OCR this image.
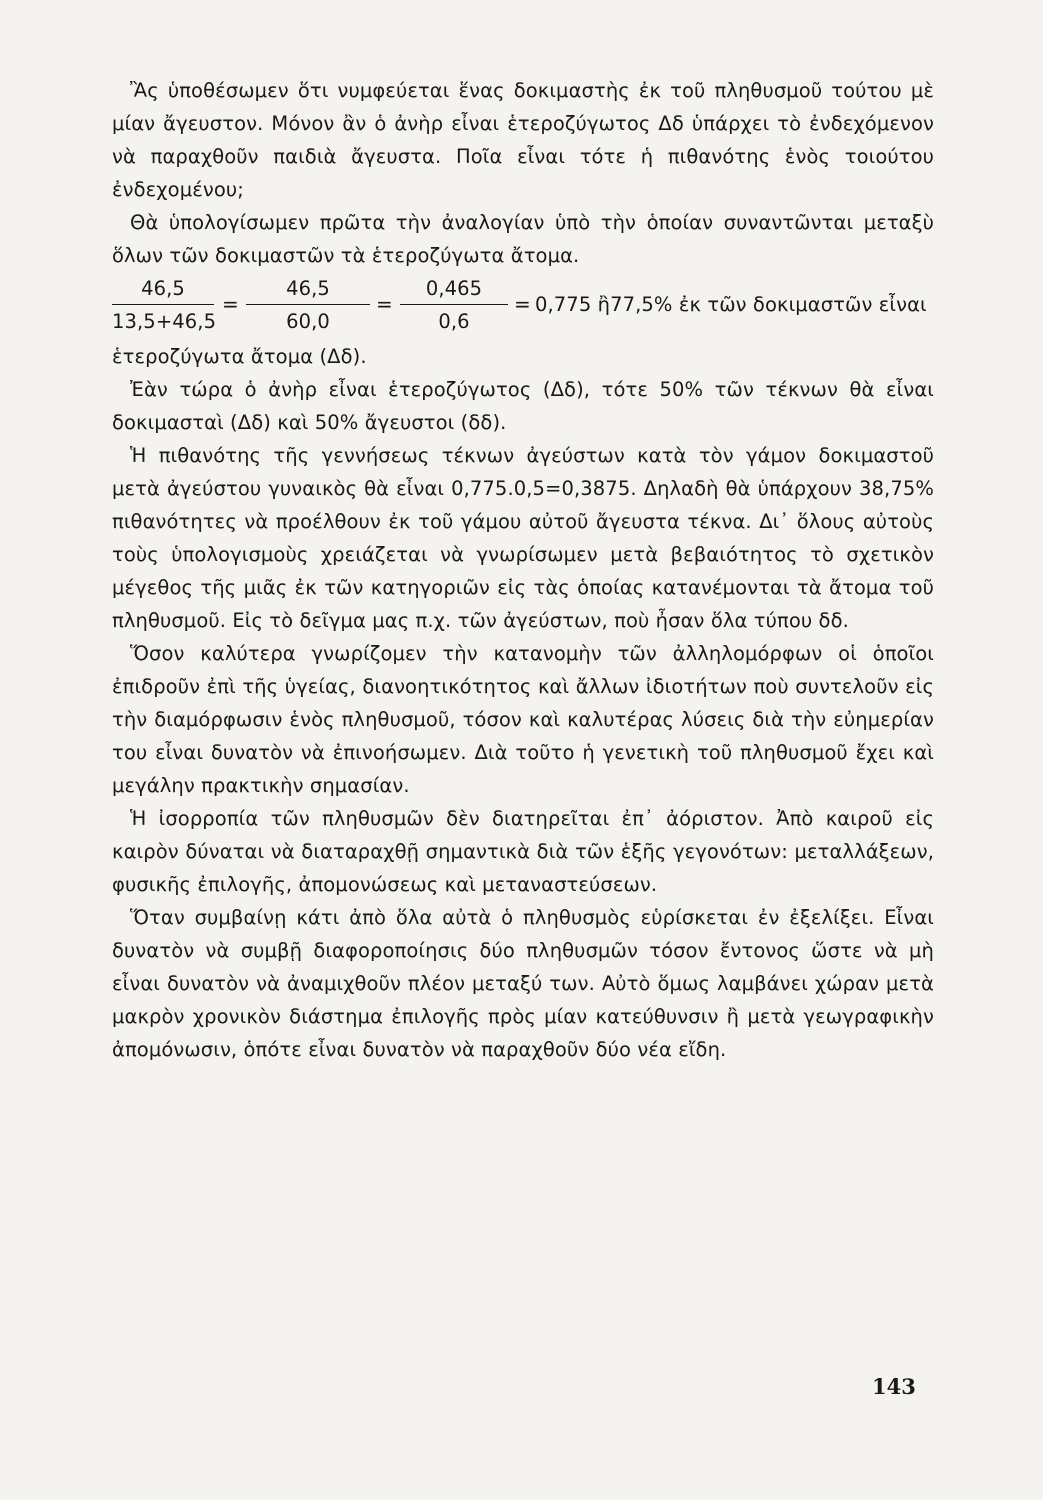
Ἂς ὑποθέσωμεν ὅτι νυμφεύεται ἕνας δοκιμαστὴς ἐκ τοῦ πληθυσμοῦ τούτου μὲ μίαν ἄγευστον. Μόνον ἂν ὁ ἀνὴρ εἶναι ἑτεροζύγωτος Δδ ὑπάρχει τὸ ἐνδεχόμενον νὰ παραχθοῦν παιδιὰ ἄγευστα. Ποῖα εἶναι τότε ἡ πιθανότης ἑνὸς τοιούτου ἐνδεχομένου;

Θὰ ὑπολογίσωμεν πρῶτα τὴν ἀναλογίαν ὑπὸ τὴν ὁποίαν συναντῶνται μεταξὺ ὅλων τῶν δοκιμαστῶν τὰ ἑτεροζύγωτα ἄτομα.

46,5
13,5+46,5
=
46,5
60,0
=
0,465
0,6
= 0,775 ἢ77,5% ἐκ τῶν δοκιμαστῶν εἶναι

ἑτεροζύγωτα ἄτομα (Δδ).

Ἐὰν τώρα ὁ ἀνὴρ εἶναι ἑτεροζύγωτος (Δδ), τότε 50% τῶν τέκνων θὰ εἶναι δοκιμασταὶ (Δδ) καὶ 50% ἄγευστοι (δδ).

Ἡ πιθανότης τῆς γεννήσεως τέκνων ἀγεύστων κατὰ τὸν γάμον δοκιμαστοῦ μετὰ ἀγεύστου γυναικὸς θὰ εἶναι 0,775.0,5=0,3875. Δηλαδὴ θὰ ὑπάρχουν 38,75% πιθανότητες νὰ προέλθουν ἐκ τοῦ γάμου αὐτοῦ ἄγευστα τέκνα. Δι᾽ ὅλους αὐτοὺς τοὺς ὑπολογισμοὺς χρειάζεται νὰ γνωρίσωμεν μετὰ βεβαιότητος τὸ σχετικὸν μέγεθος τῆς μιᾶς ἐκ τῶν κατηγοριῶν εἰς τὰς ὁποίας κατανέμονται τὰ ἄτομα τοῦ πληθυσμοῦ. Εἰς τὸ δεῖγμα μας π.χ. τῶν ἀγεύστων, ποὺ ἦσαν ὅλα τύπου δδ.

Ὅσον καλύτερα γνωρίζομεν τὴν κατανομὴν τῶν ἀλληλομόρφων οἱ ὁποῖοι ἐπιδροῦν ἐπὶ τῆς ὑγείας, διανοητικότητος καὶ ἄλλων ἰδιοτήτων ποὺ συντελοῦν εἰς τὴν διαμόρφωσιν ἑνὸς πληθυσμοῦ, τόσον καὶ καλυτέρας λύσεις διὰ τὴν εὐημερίαν του εἶναι δυνατὸν νὰ ἐπινοήσωμεν. Διὰ τοῦτο ἡ γενετικὴ τοῦ πληθυσμοῦ ἔχει καὶ μεγάλην πρακτικὴν σημασίαν.

Ἡ ἰσορροπία τῶν πληθυσμῶν δὲν διατηρεῖται ἐπ᾽ ἀόριστον. Ἀπὸ καιροῦ εἰς καιρὸν δύναται νὰ διαταραχθῇ σημαντικὰ διὰ τῶν ἑξῆς γεγονότων: μεταλλάξεων, φυσικῆς ἐπιλογῆς, ἀπομονώσεως καὶ μεταναστεύσεων.

Ὅταν συμβαίνῃ κάτι ἀπὸ ὅλα αὐτὰ ὁ πληθυσμὸς εὑρίσκεται ἐν ἐξελίξει. Εἶναι δυνατὸν νὰ συμβῇ διαφοροποίησις δύο πληθυσμῶν τόσον ἔντονος ὥστε νὰ μὴ εἶναι δυνατὸν νὰ ἀναμιχθοῦν πλέον μεταξύ των. Αὐτὸ ὅμως λαμβάνει χώραν μετὰ μακρὸν χρονικὸν διάστημα ἐπιλογῆς πρὸς μίαν κατεύθυνσιν ἢ μετὰ γεωγραφικὴν ἀπομόνωσιν, ὁπότε εἶναι δυνατὸν νὰ παραχθοῦν δύο νέα εἴδη.

143
